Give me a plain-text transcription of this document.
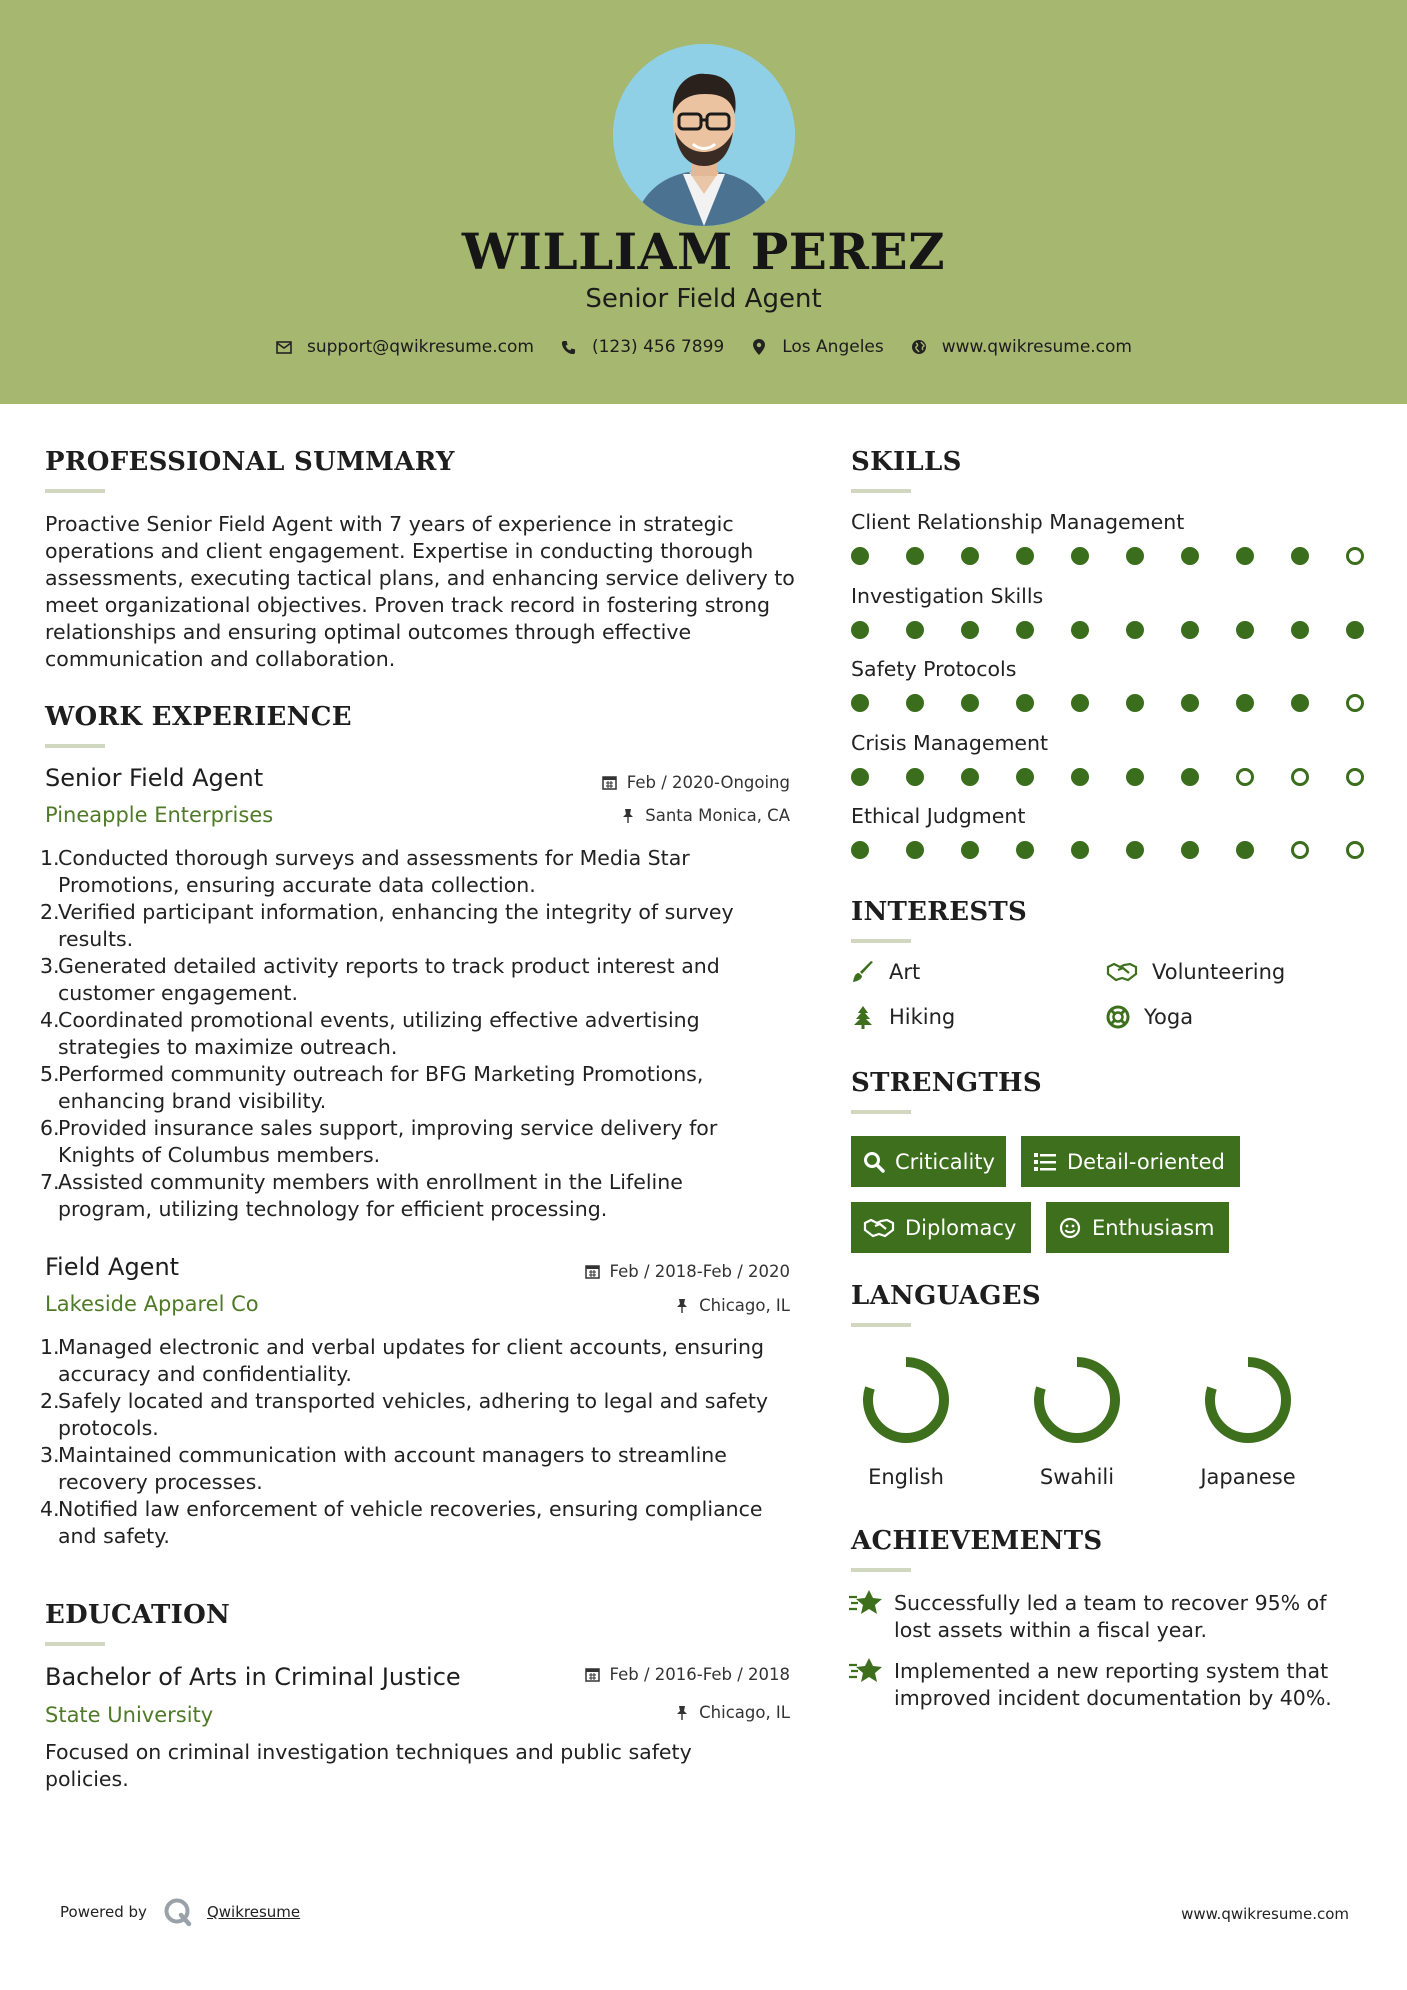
WILLIAM PEREZ
Senior Field Agent
support@qwikresume.com	(123) 456 7899	Los Angeles	www.qwikresume.com
PROFESSIONAL SUMMARY
Proactive Senior Field Agent with 7 years of experience in strategic operations and client engagement. Expertise in conducting thorough assessments, executing tactical plans, and enhancing service delivery to meet organizational objectives. Proven track record in fostering strong relationships and ensuring optimal outcomes through effective communication and collaboration.
WORK EXPERIENCE
Senior Field Agent	Feb / 2020-Ongoing
Pineapple Enterprises	Santa Monica, CA
1.
Conducted thorough surveys and assessments for Media Star
Promotions, ensuring accurate data collection.
2.
Verified participant information, enhancing the integrity of survey
results.
3.
Generated detailed activity reports to track product interest and
customer engagement.
4.
Coordinated promotional events, utilizing effective advertising
strategies to maximize outreach.
5.
Performed community outreach for BFG Marketing Promotions,
enhancing brand visibility.
6.
Provided insurance sales support, improving service delivery for
Knights of Columbus members.
7.
Assisted community members with enrollment in the Lifeline
program, utilizing technology for efficient processing.
Field Agent	Feb / 2018-Feb / 2020
Lakeside Apparel Co	Chicago, IL
1.
Managed electronic and verbal updates for client accounts, ensuring
accuracy and confidentiality.
2.
Safely located and transported vehicles, adhering to legal and safety
protocols.
3.
Maintained communication with account managers to streamline
recovery processes.
4.
Notified law enforcement of vehicle recoveries, ensuring compliance
and safety.
EDUCATION
Bachelor of Arts in Criminal Justice	Feb / 2016-Feb / 2018
State University	Chicago, IL
Focused on criminal investigation techniques and public safety policies.
SKILLS
Client Relationship Management
Investigation Skills
Safety Protocols
Crisis Management
Ethical Judgment
INTERESTS
Art	Volunteering
Hiking	Yoga
STRENGTHS
Criticality	Detail-oriented
Diplomacy	Enthusiasm
LANGUAGES
English	Swahili	Japanese
ACHIEVEMENTS
Successfully led a team to recover 95% of
lost assets within a fiscal year.
Implemented a new reporting system that
improved incident documentation by 40%.
Powered by	Qwikresume	www.qwikresume.com
